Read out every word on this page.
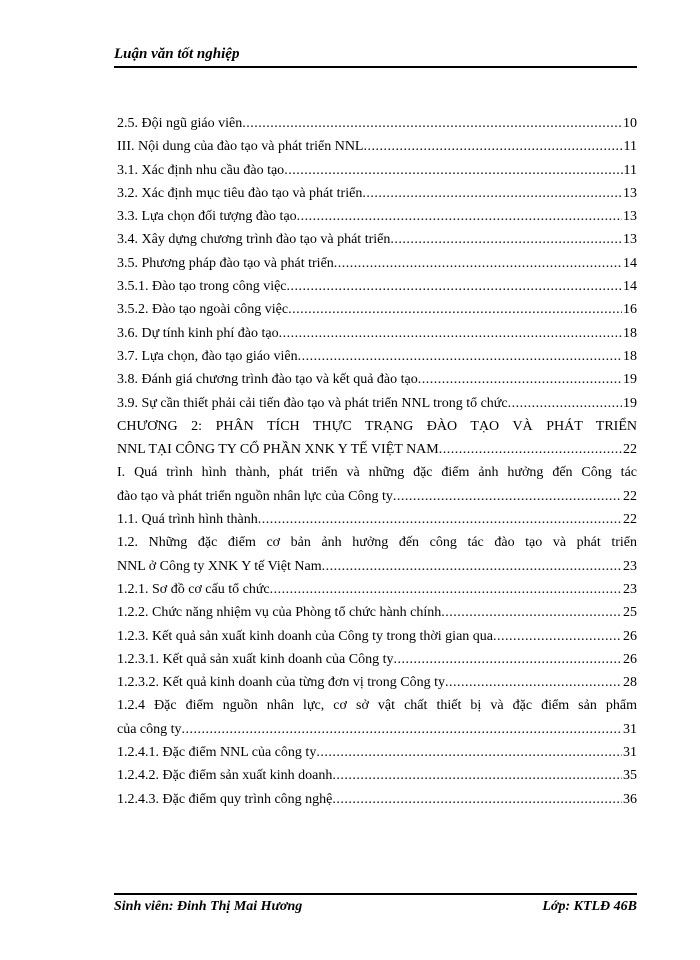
Luận văn tốt nghiệp
2.5. Đội ngũ giáo viên .....	10
III. Nội dung của đào tạo và phát triển NNL .....	11
3.1. Xác định nhu cầu đào tạo .....	11
3.2. Xác định mục tiêu đào tạo và phát triển .....	13
3.3. Lựa chọn đối tượng đào tạo .....	13
3.4. Xây dựng chương trình đào tạo và phát triển .....	13
3.5. Phương pháp đào tạo và phát triển .....	14
3.5.1. Đào tạo trong công việc .....	14
3.5.2. Đào tạo ngoài công việc .....	16
3.6. Dự tính kinh phí đào tạo .....	18
3.7. Lựa chọn, đào tạo giáo viên .....	18
3.8. Đánh giá chương trình đào tạo và kết quả đào tạo .....	19
3.9. Sự cần thiết phải cải tiến đào tạo và phát triển NNL trong tổ chức .....	19
CHƯƠNG 2: PHÂN TÍCH THỰC TRẠNG ĐÀO TẠO VÀ PHÁT TRIỂN
NNL TẠI CÔNG TY CỔ PHẦN XNK Y TẾ VIỆT NAM .....	22
I. Quá trình hình thành, phát triển và những đặc điểm ảnh hưởng đến Công tác
đào tạo và phát triển nguồn nhân lực của Công ty .....	22
1.1. Quá trình hình thành .....	22
1.2. Những đặc điểm cơ bản ảnh hưởng đến công tác đào tạo và phát triển
NNL ở Công ty XNK Y tế Việt Nam .....	23
1.2.1. Sơ đồ cơ cấu tổ chức .....	23
1.2.2. Chức năng nhiệm vụ của Phòng tổ chức hành chính .....	25
1.2.3. Kết quả sản xuất kinh doanh của Công ty trong thời gian qua .....	26
1.2.3.1. Kết quả sản xuất kinh doanh của Công ty .....	26
1.2.3.2. Kết quả kinh doanh của từng đơn vị trong Công ty .....	28
1.2.4 Đặc điểm nguồn nhân lực, cơ sở vật chất thiết bị và đặc điểm sản phẩm
của công ty .....	31
1.2.4.1. Đặc điểm NNL của công ty .....	31
1.2.4.2. Đặc điểm sản xuất kinh doanh .....	35
1.2.4.3. Đặc điểm quy trình công nghệ .....	36
Sinh viên: Đinh Thị Mai Hương	Lớp: KTLĐ 46B
